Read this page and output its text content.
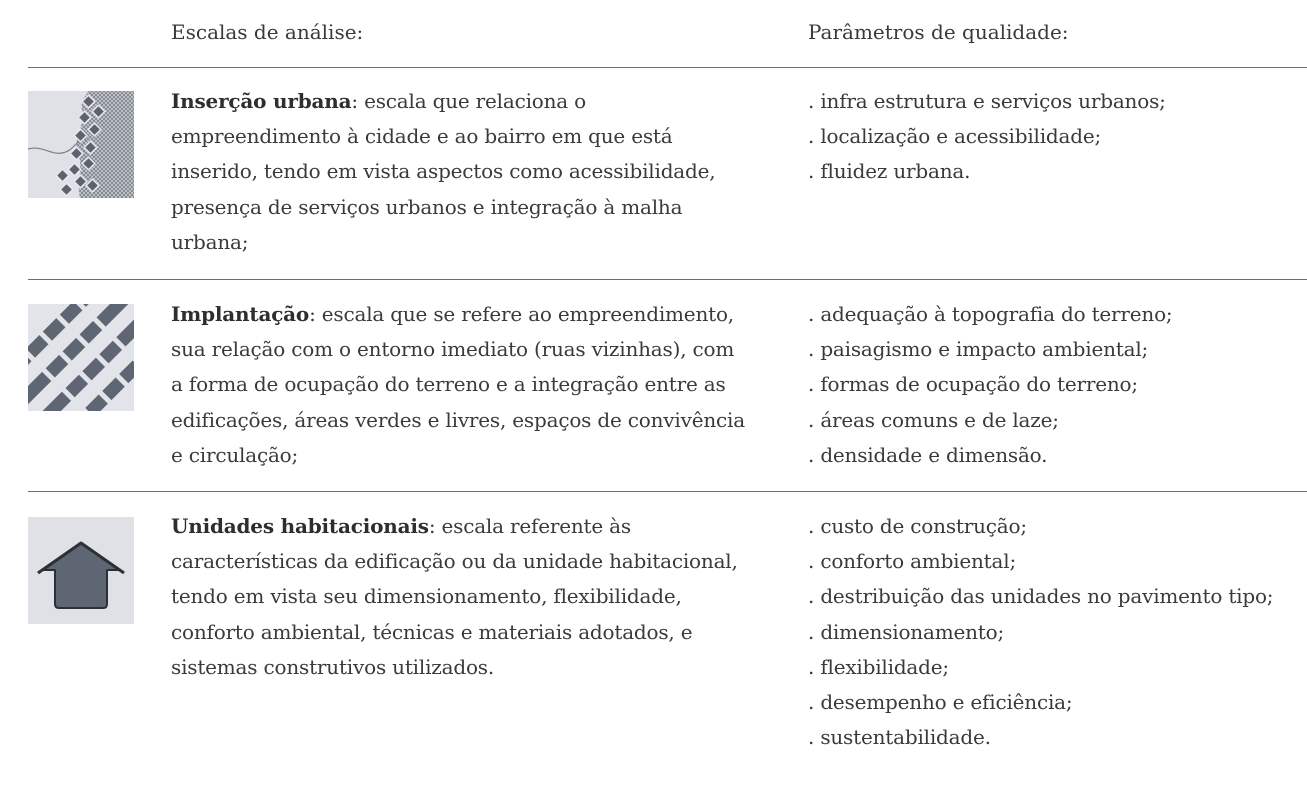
Escalas de análise:	Parâmetros de qualidade:
Inserção urbana: escala que relaciona o empreendimento à cidade e ao bairro em que está inserido, tendo em vista aspectos como acessibilidade, presença de serviços urbanos e integração à malha urbana;
. infra estrutura e serviços urbanos;
. localização e acessibilidade;
. fluidez urbana.
Implantação: escala que se refere ao empreendimento, sua relação com o entorno imediato (ruas vizinhas), com a forma de ocupação do terreno e a integração entre as edificações, áreas verdes e livres, espaços de convivência e circulação;
. adequação à topografia do terreno;
. paisagismo e impacto ambiental;
. formas de ocupação do terreno;
. áreas comuns e de laze;
. densidade e dimensão.
Unidades habitacionais: escala referente às características da edificação ou da unidade habitacional, tendo em vista seu dimensionamento, flexibilidade, conforto ambiental, técnicas e materiais adotados, e sistemas construtivos utilizados.
. custo de construção;
. conforto ambiental;
. destribuição das unidades no pavimento tipo;
. dimensionamento;
. flexibilidade;
. desempenho e eficiência;
. sustentabilidade.
